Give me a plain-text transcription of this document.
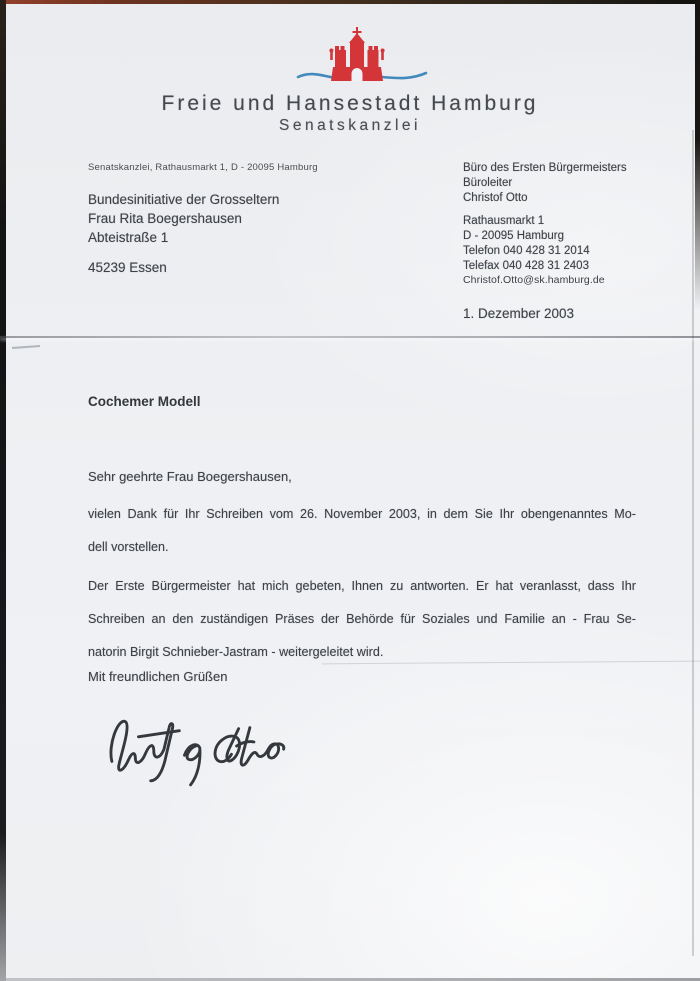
Freie und Hansestadt Hamburg
Senatskanzlei
Senatskanzlei, Rathausmarkt 1, D - 20095 Hamburg
Bundesinitiative der Grosseltern
Frau Rita Boegershausen
Abteistraße 1
45239 Essen
Büro des Ersten Bürgermeisters
Büroleiter
Christof Otto
Rathausmarkt 1
D - 20095 Hamburg
Telefon 040 428 31 2014
Telefax 040 428 31 2403
Christof.Otto@sk.hamburg.de
1. Dezember 2003
Cochemer Modell
Sehr geehrte Frau Boegershausen,
vielen Dank für Ihr Schreiben vom 26. November 2003, in dem Sie Ihr obengenanntes Mo-
dell vorstellen.
Der Erste Bürgermeister hat mich gebeten, Ihnen zu antworten. Er hat veranlasst, dass Ihr
Schreiben an den zuständigen Präses der Behörde für Soziales und Familie an - Frau Se-
natorin Birgit Schnieber-Jastram - weitergeleitet wird.
Mit freundlichen Grüßen
